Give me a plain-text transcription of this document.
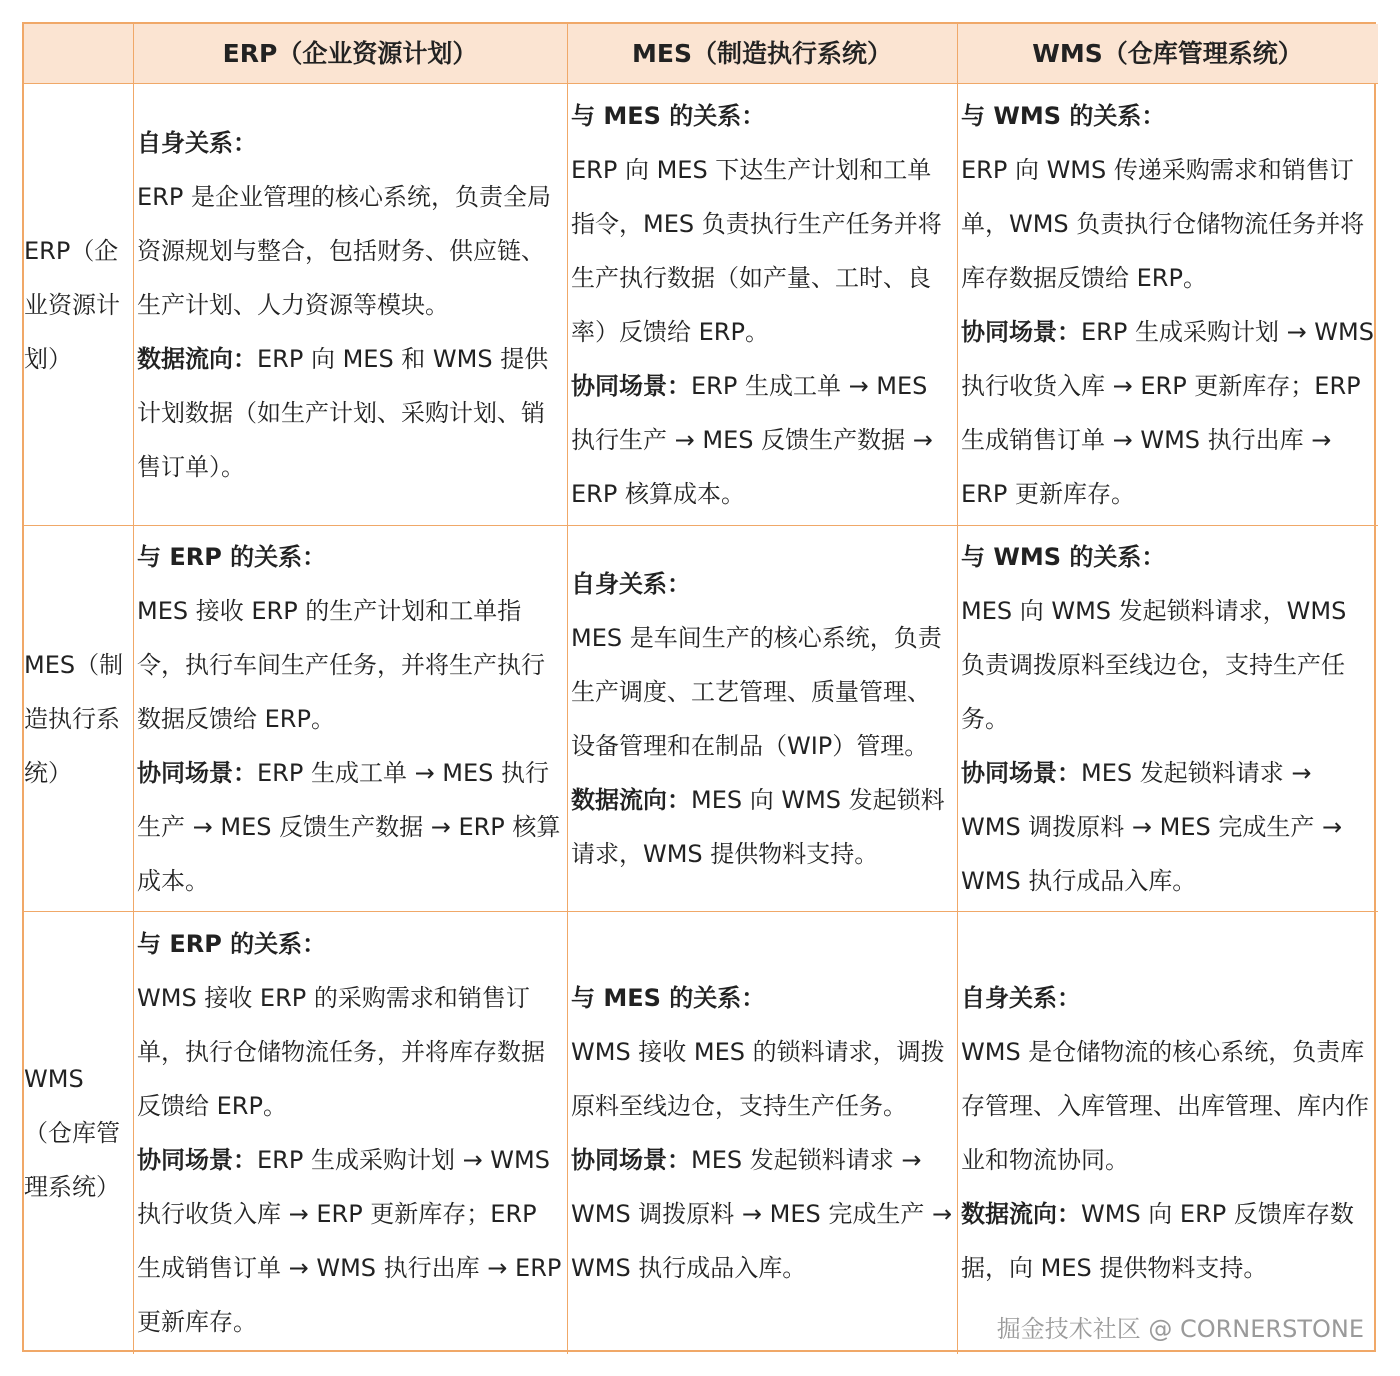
ERP（企业资源计划）	MES（制造执行系统）	WMS（仓库管理系统）
ERP（企业资源计划）
自身关系：
ERP 是企业管理的核心系统，负责全局资源规划与整合，包括财务、供应链、生产计划、人力资源等模块。
数据流向：ERP 向 MES 和 WMS 提供计划数据（如生产计划、采购计划、销售订单）。
与 MES 的关系：
ERP 向 MES 下达生产计划和工单指令，MES 负责执行生产任务并将生产执行数据（如产量、工时、良率）反馈给 ERP。
协同场景：ERP 生成工单 → MES 执行生产 → MES 反馈生产数据 → ERP 核算成本。
与 WMS 的关系：
ERP 向 WMS 传递采购需求和销售订单，WMS 负责执行仓储物流任务并将库存数据反馈给 ERP。
协同场景：ERP 生成采购计划 → WMS 执行收货入库 → ERP 更新库存；ERP 生成销售订单 → WMS 执行出库 → ERP 更新库存。
MES（制造执行系统）
与 ERP 的关系：
MES 接收 ERP 的生产计划和工单指令，执行车间生产任务，并将生产执行数据反馈给 ERP。
协同场景：ERP 生成工单 → MES 执行生产 → MES 反馈生产数据 → ERP 核算成本。
自身关系：
MES 是车间生产的核心系统，负责生产调度、工艺管理、质量管理、设备管理和在制品（WIP）管理。
数据流向：MES 向 WMS 发起锁料请求，WMS 提供物料支持。
与 WMS 的关系：
MES 向 WMS 发起锁料请求，WMS 负责调拨原料至线边仓，支持生产任务。
协同场景：MES 发起锁料请求 → WMS 调拨原料 → MES 完成生产 → WMS 执行成品入库。
WMS（仓库管理系统）
与 ERP 的关系：
WMS 接收 ERP 的采购需求和销售订单，执行仓储物流任务，并将库存数据反馈给 ERP。
协同场景：ERP 生成采购计划 → WMS 执行收货入库 → ERP 更新库存；ERP 生成销售订单 → WMS 执行出库 → ERP 更新库存。
与 MES 的关系：
WMS 接收 MES 的锁料请求，调拨原料至线边仓，支持生产任务。
协同场景：MES 发起锁料请求 → WMS 调拨原料 → MES 完成生产 → WMS 执行成品入库。
自身关系：
WMS 是仓储物流的核心系统，负责库存管理、入库管理、出库管理、库内作业和物流协同。
数据流向：WMS 向 ERP 反馈库存数据，向 MES 提供物料支持。
掘金技术社区 @ CORNERSTONE
